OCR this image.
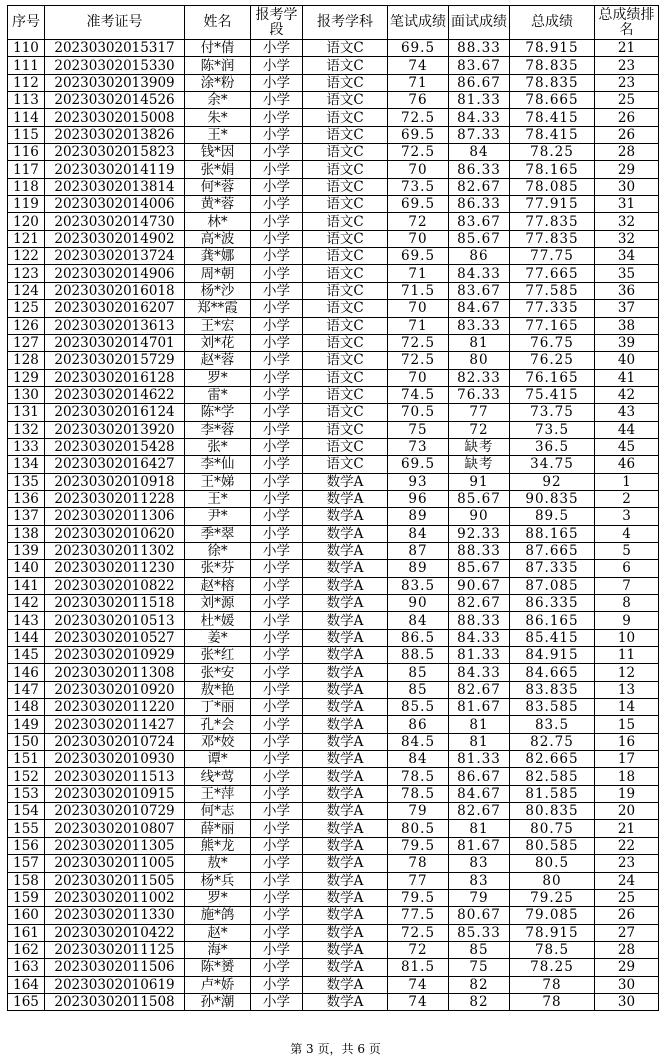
序号	准考证号	姓名	报考学段	报考学科	笔试成绩	面试成绩	总成绩	总成绩排名
110	20230302015317	付*倩	小学	语文C	69.5	88.33	78.915	21
111	20230302015330	陈*润	小学	语文C	74	83.67	78.835	23
112	20230302013909	涂*粉	小学	语文C	71	86.67	78.835	23
113	20230302014526	余*	小学	语文C	76	81.33	78.665	25
114	20230302015008	朱*	小学	语文C	72.5	84.33	78.415	26
115	20230302013826	王*	小学	语文C	69.5	87.33	78.415	26
116	20230302015823	钱*因	小学	语文C	72.5	84	78.25	28
117	20230302014119	张*娟	小学	语文C	70	86.33	78.165	29
118	20230302013814	何*蓉	小学	语文C	73.5	82.67	78.085	30
119	20230302014006	黄*蓉	小学	语文C	69.5	86.33	77.915	31
120	20230302014730	林*	小学	语文C	72	83.67	77.835	32
121	20230302014902	高*波	小学	语文C	70	85.67	77.835	32
122	20230302013724	龚*娜	小学	语文C	69.5	86	77.75	34
123	20230302014906	周*朝	小学	语文C	71	84.33	77.665	35
124	20230302016018	杨*沙	小学	语文C	71.5	83.67	77.585	36
125	20230302016207	郑**霞	小学	语文C	70	84.67	77.335	37
126	20230302013613	王*宏	小学	语文C	71	83.33	77.165	38
127	20230302014701	刘*花	小学	语文C	72.5	81	76.75	39
128	20230302015729	赵*蓉	小学	语文C	72.5	80	76.25	40
129	20230302016128	罗*	小学	语文C	70	82.33	76.165	41
130	20230302014622	雷*	小学	语文C	74.5	76.33	75.415	42
131	20230302016124	陈*学	小学	语文C	70.5	77	73.75	43
132	20230302013920	李*蓉	小学	语文C	75	72	73.5	44
133	20230302015428	张*	小学	语文C	73	缺考	36.5	45
134	20230302016427	李*仙	小学	语文C	69.5	缺考	34.75	46
135	20230302010918	王*娣	小学	数学A	93	91	92	1
136	20230302011228	王*	小学	数学A	96	85.67	90.835	2
137	20230302011306	尹*	小学	数学A	89	90	89.5	3
138	20230302010620	季*翠	小学	数学A	84	92.33	88.165	4
139	20230302011302	徐*	小学	数学A	87	88.33	87.665	5
140	20230302011230	张*芬	小学	数学A	89	85.67	87.335	6
141	20230302010822	赵*榕	小学	数学A	83.5	90.67	87.085	7
142	20230302011518	刘*源	小学	数学A	90	82.67	86.335	8
143	20230302010513	杜*媛	小学	数学A	84	88.33	86.165	9
144	20230302010527	姜*	小学	数学A	86.5	84.33	85.415	10
145	20230302010929	张*红	小学	数学A	88.5	81.33	84.915	11
146	20230302011308	张*安	小学	数学A	85	84.33	84.665	12
147	20230302010920	敖*艳	小学	数学A	85	82.67	83.835	13
148	20230302011220	丁*丽	小学	数学A	85.5	81.67	83.585	14
149	20230302011427	孔*会	小学	数学A	86	81	83.5	15
150	20230302010724	邓*姣	小学	数学A	84.5	81	82.75	16
151	20230302010930	谭*	小学	数学A	84	81.33	82.665	17
152	20230302011513	线*莺	小学	数学A	78.5	86.67	82.585	18
153	20230302010915	王*萍	小学	数学A	78.5	84.67	81.585	19
154	20230302010729	何*志	小学	数学A	79	82.67	80.835	20
155	20230302010807	薛*丽	小学	数学A	80.5	81	80.75	21
156	20230302011305	熊*龙	小学	数学A	79.5	81.67	80.585	22
157	20230302011005	敖*	小学	数学A	78	83	80.5	23
158	20230302011505	杨*兵	小学	数学A	77	83	80	24
159	20230302011002	罗*	小学	数学A	79.5	79	79.25	25
160	20230302011330	施*鸽	小学	数学A	77.5	80.67	79.085	26
161	20230302010422	赵*	小学	数学A	72.5	85.33	78.915	27
162	20230302011125	海*	小学	数学A	72	85	78.5	28
163	20230302011506	陈*赟	小学	数学A	81.5	75	78.25	29
164	20230302010619	卢*娇	小学	数学A	74	82	78	30
165	20230302011508	孙*潮	小学	数学A	74	82	78	30
第 3 页，共 6 页
